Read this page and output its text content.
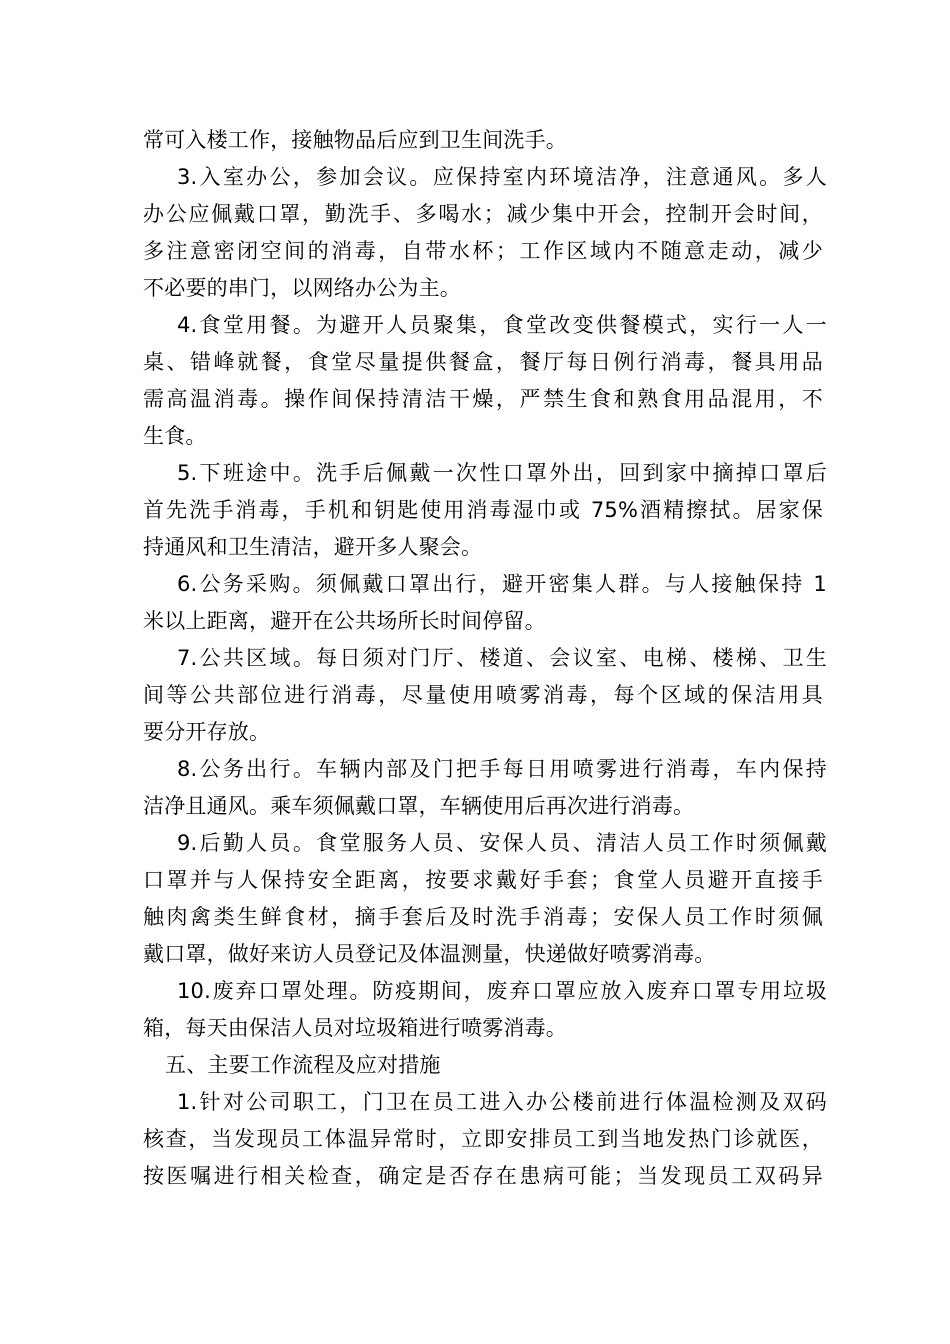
常可入楼工作，接触物品后应到卫生间洗手。
3.入室办公，参加会议。应保持室内环境洁净，注意通风。多人
办公应佩戴口罩，勤洗手、多喝水；减少集中开会，控制开会时间，
多注意密闭空间的消毒，自带水杯；工作区域内不随意走动，减少
不必要的串门，以网络办公为主。
4.食堂用餐。为避开人员聚集，食堂改变供餐模式，实行一人一
桌、错峰就餐，食堂尽量提供餐盒，餐厅每日例行消毒，餐具用品
需高温消毒。操作间保持清洁干燥，严禁生食和熟食用品混用，不
生食。
5.下班途中。洗手后佩戴一次性口罩外出，回到家中摘掉口罩后
首先洗手消毒，手机和钥匙使用消毒湿巾或 75%酒精擦拭。居家保
持通风和卫生清洁，避开多人聚会。
6.公务采购。须佩戴口罩出行，避开密集人群。与人接触保持 1
米以上距离，避开在公共场所长时间停留。
7.公共区域。每日须对门厅、楼道、会议室、电梯、楼梯、卫生
间等公共部位进行消毒，尽量使用喷雾消毒，每个区域的保洁用具
要分开存放。
8.公务出行。车辆内部及门把手每日用喷雾进行消毒，车内保持
洁净且通风。乘车须佩戴口罩，车辆使用后再次进行消毒。
9.后勤人员。食堂服务人员、安保人员、清洁人员工作时须佩戴
口罩并与人保持安全距离，按要求戴好手套；食堂人员避开直接手
触肉禽类生鲜食材，摘手套后及时洗手消毒；安保人员工作时须佩
戴口罩，做好来访人员登记及体温测量，快递做好喷雾消毒。
10.废弃口罩处理。防疫期间，废弃口罩应放入废弃口罩专用垃圾
箱，每天由保洁人员对垃圾箱进行喷雾消毒。
五、主要工作流程及应对措施
1.针对公司职工，门卫在员工进入办公楼前进行体温检测及双码
核查，当发现员工体温异常时，立即安排员工到当地发热门诊就医，
按医嘱进行相关检查，确定是否存在患病可能；当发现员工双码异
